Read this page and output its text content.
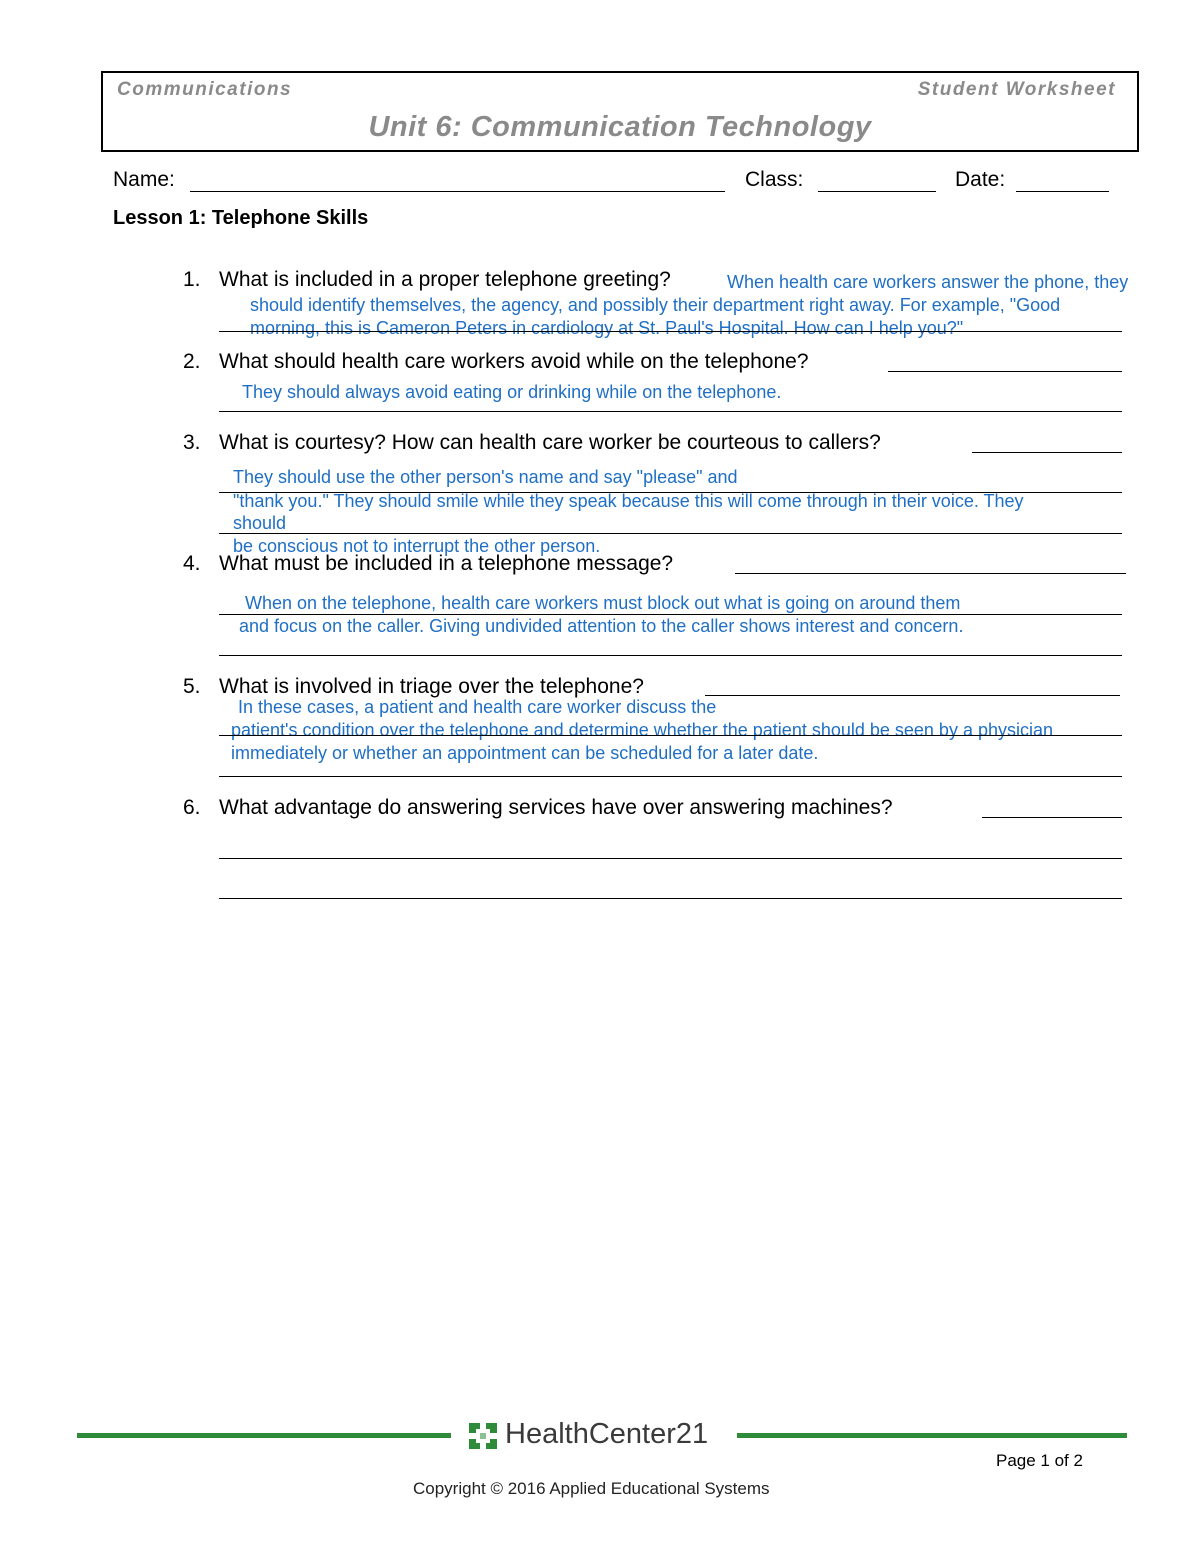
Communications	Student Worksheet
Unit 6: Communication Technology
Name:	Class:	Date:
Lesson 1: Telephone Skills
1. What is included in a proper telephone greeting?	When health care workers answer the phone, they
should identify themselves, the agency, and possibly their department right away. For example, "Good
morning, this is Cameron Peters in cardiology at St. Paul's Hospital. How can I help you?"
2. What should health care workers avoid while on the telephone?
They should always avoid eating or drinking while on the telephone.
3. What is courtesy? How can health care worker be courteous to callers?
They should use the other person's name and say "please" and
"thank you." They should smile while they speak because this will come through in their voice. They
should
be conscious not to interrupt the other person.
4. What must be included in a telephone message?
When on the telephone, health care workers must block out what is going on around them
and focus on the caller. Giving undivided attention to the caller shows interest and concern.
5. What is involved in triage over the telephone?
In these cases, a patient and health care worker discuss the
patient's condition over the telephone and determine whether the patient should be seen by a physician
immediately or whether an appointment can be scheduled for a later date.
6. What advantage do answering services have over answering machines?
HealthCenter21
Page 1 of 2
Copyright © 2016 Applied Educational Systems
